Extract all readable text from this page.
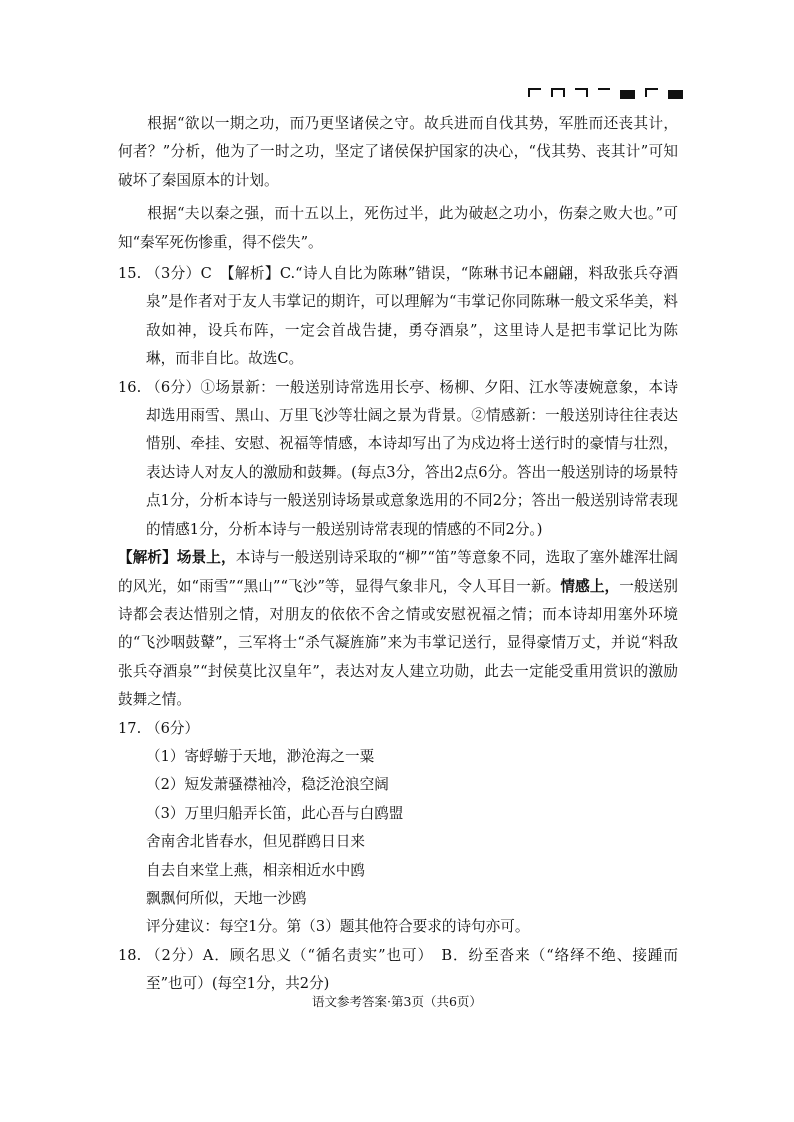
根据“欲以一期之功，而乃更坚诸侯之守。故兵进而自伐其势，军胜而还丧其计，何者？”分析，他为了一时之功，坚定了诸侯保护国家的决心，“伐其势、丧其计”可知破坏了秦国原本的计划。

根据“夫以秦之强，而十五以上，死伤过半，此为破赵之功小，伤秦之败大也。”可知“秦军死伤惨重，得不偿失”。

15. （3分）C　【解析】C.“诗人自比为陈琳”错误，“陈琳书记本翩翩，料敌张兵夺酒泉”是作者对于友人韦掌记的期许，可以理解为“韦掌记你同陈琳一般文采华美，料敌如神，设兵布阵，一定会首战告捷，勇夺酒泉”，这里诗人是把韦掌记比为陈琳，而非自比。故选C。

16. （6分）①场景新：一般送别诗常选用长亭、杨柳、夕阳、江水等凄婉意象，本诗却选用雨雪、黑山、万里飞沙等壮阔之景为背景。②情感新：一般送别诗往往表达惜别、牵挂、安慰、祝福等情感，本诗却写出了为戍边将士送行时的豪情与壮烈，表达诗人对友人的激励和鼓舞。(每点3分，答出2点6分。答出一般送别诗的场景特点1分，分析本诗与一般送别诗场景或意象选用的不同2分；答出一般送别诗常表现的情感1分，分析本诗与一般送别诗常表现的情感的不同2分。)

【解析】场景上，本诗与一般送别诗采取的“柳”“笛”等意象不同，选取了塞外雄浑壮阔的风光，如“雨雪”“黑山”“飞沙”等，显得气象非凡，令人耳目一新。情感上，一般送别诗都会表达惜别之情，对朋友的依依不舍之情或安慰祝福之情；而本诗却用塞外环境的“飞沙咽鼓鼙”，三军将士“杀气凝旌旆”来为韦掌记送行，显得豪情万丈，并说“料敌张兵夺酒泉”“封侯莫比汉皇年”，表达对友人建立功勋，此去一定能受重用赏识的激励鼓舞之情。

17. （6分）

（1）寄蜉蝣于天地，渺沧海之一粟

（2）短发萧骚襟袖冷，稳泛沧浪空阔

（3）万里归船弄长笛，此心吾与白鸥盟

舍南舍北皆春水，但见群鸥日日来

自去自来堂上燕，相亲相近水中鸥

飘飘何所似，天地一沙鸥

评分建议：每空1分。第（3）题其他符合要求的诗句亦可。

18. （2分）A．顾名思义（“循名责实”也可）　B．纷至沓来（“络绎不绝、接踵而至”也可）(每空1分，共2分)

语文参考答案·第3页（共6页）
